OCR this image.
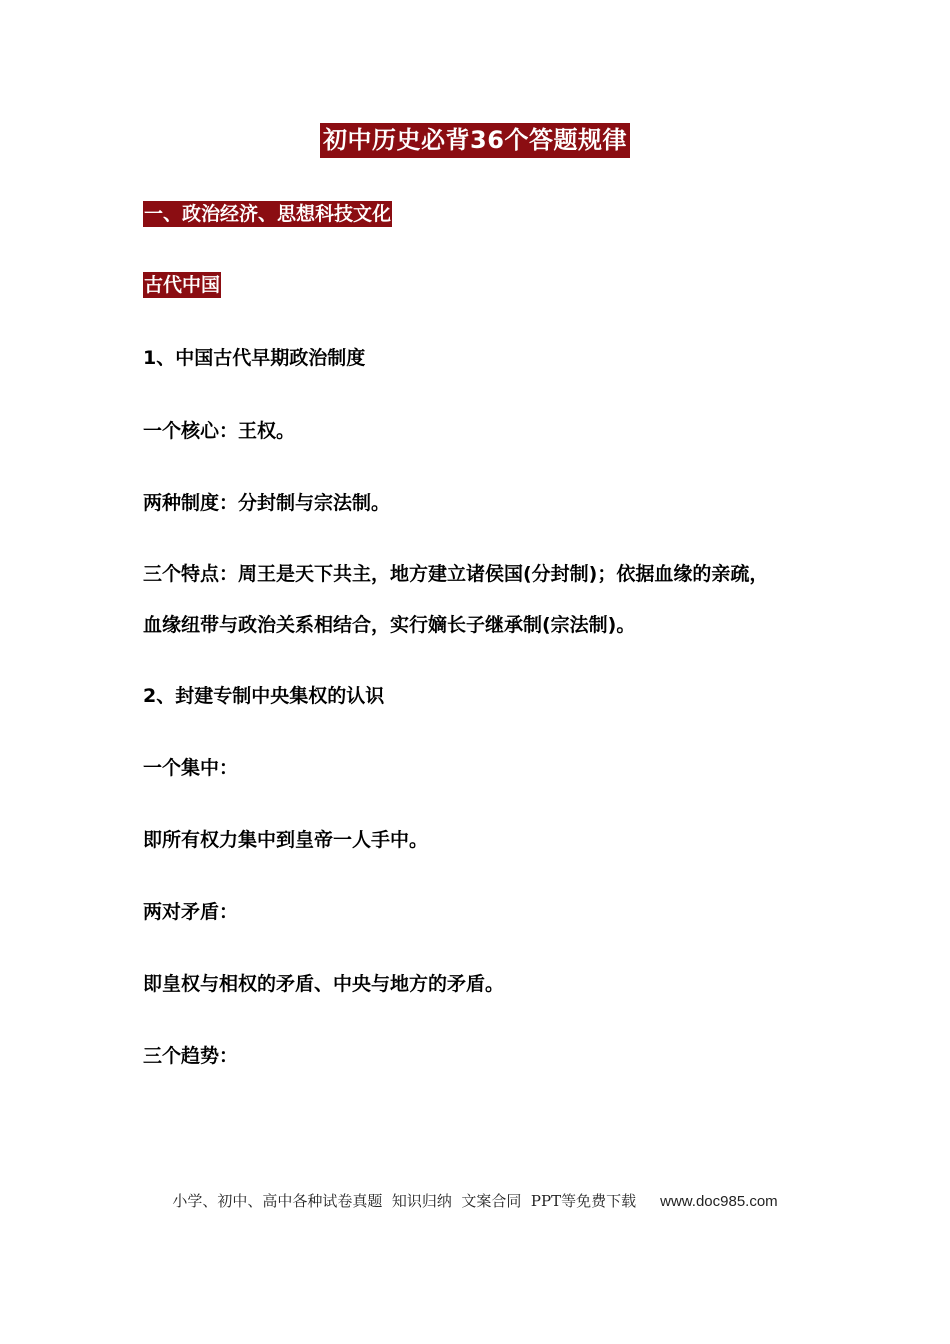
初中历史必背36个答题规律
一、政治经济、思想科技文化
古代中国
1、中国古代早期政治制度
一个核心：王权。
两种制度：分封制与宗法制。
三个特点：周王是天下共主，地方建立诸侯国(分封制)；依据血缘的亲疏，
血缘纽带与政治关系相结合，实行嫡长子继承制(宗法制)。
2、封建专制中央集权的认识
一个集中：
即所有权力集中到皇帝一人手中。
两对矛盾：
即皇权与相权的矛盾、中央与地方的矛盾。
三个趋势：
小学、初中、高中各种试卷真题  知识归纳  文案合同  PPT等免费下载 www.doc985.com
